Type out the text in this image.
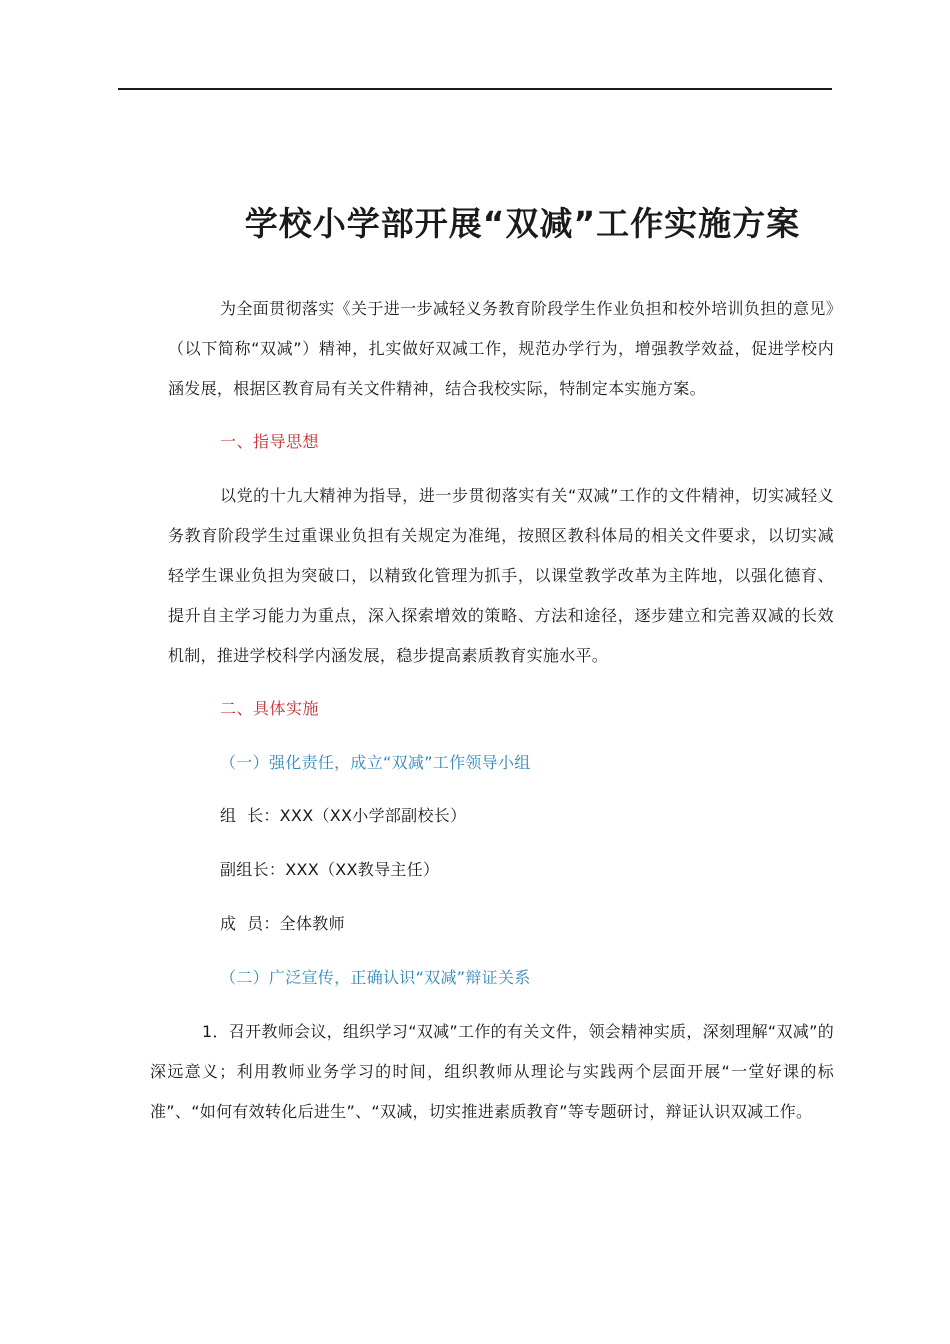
学校小学部开展“双减”工作实施方案

为全面贯彻落实《关于进一步减轻义务教育阶段学生作业负担和校外培训负担的意见》（以下简称“双减”）精神，扎实做好双减工作，规范办学行为，增强教学效益，促进学校内涵发展，根据区教育局有关文件精神，结合我校实际，特制定本实施方案。

一、指导思想

以党的十九大精神为指导，进一步贯彻落实有关“双减”工作的文件精神，切实减轻义务教育阶段学生过重课业负担有关规定为准绳，按照区教科体局的相关文件要求，以切实减轻学生课业负担为突破口，以精致化管理为抓手，以课堂教学改革为主阵地，以强化德育、提升自主学习能力为重点，深入探索增效的策略、方法和途径，逐步建立和完善双减的长效机制，推进学校科学内涵发展，稳步提高素质教育实施水平。

二、具体实施
（一）强化责任，成立“双减”工作领导小组
组  长：XXX（XX小学部副校长）
副组长：XXX（XX教导主任）
成  员：全体教师
（二）广泛宣传，正确认识“双减”辩证关系

1．召开教师会议，组织学习“双减”工作的有关文件，领会精神实质，深刻理解“双减”的深远意义；利用教师业务学习的时间，组织教师从理论与实践两个层面开展“一堂好课的标准”、“如何有效转化后进生”、“双减，切实推进素质教育”等专题研讨，辩证认识双减工作。
